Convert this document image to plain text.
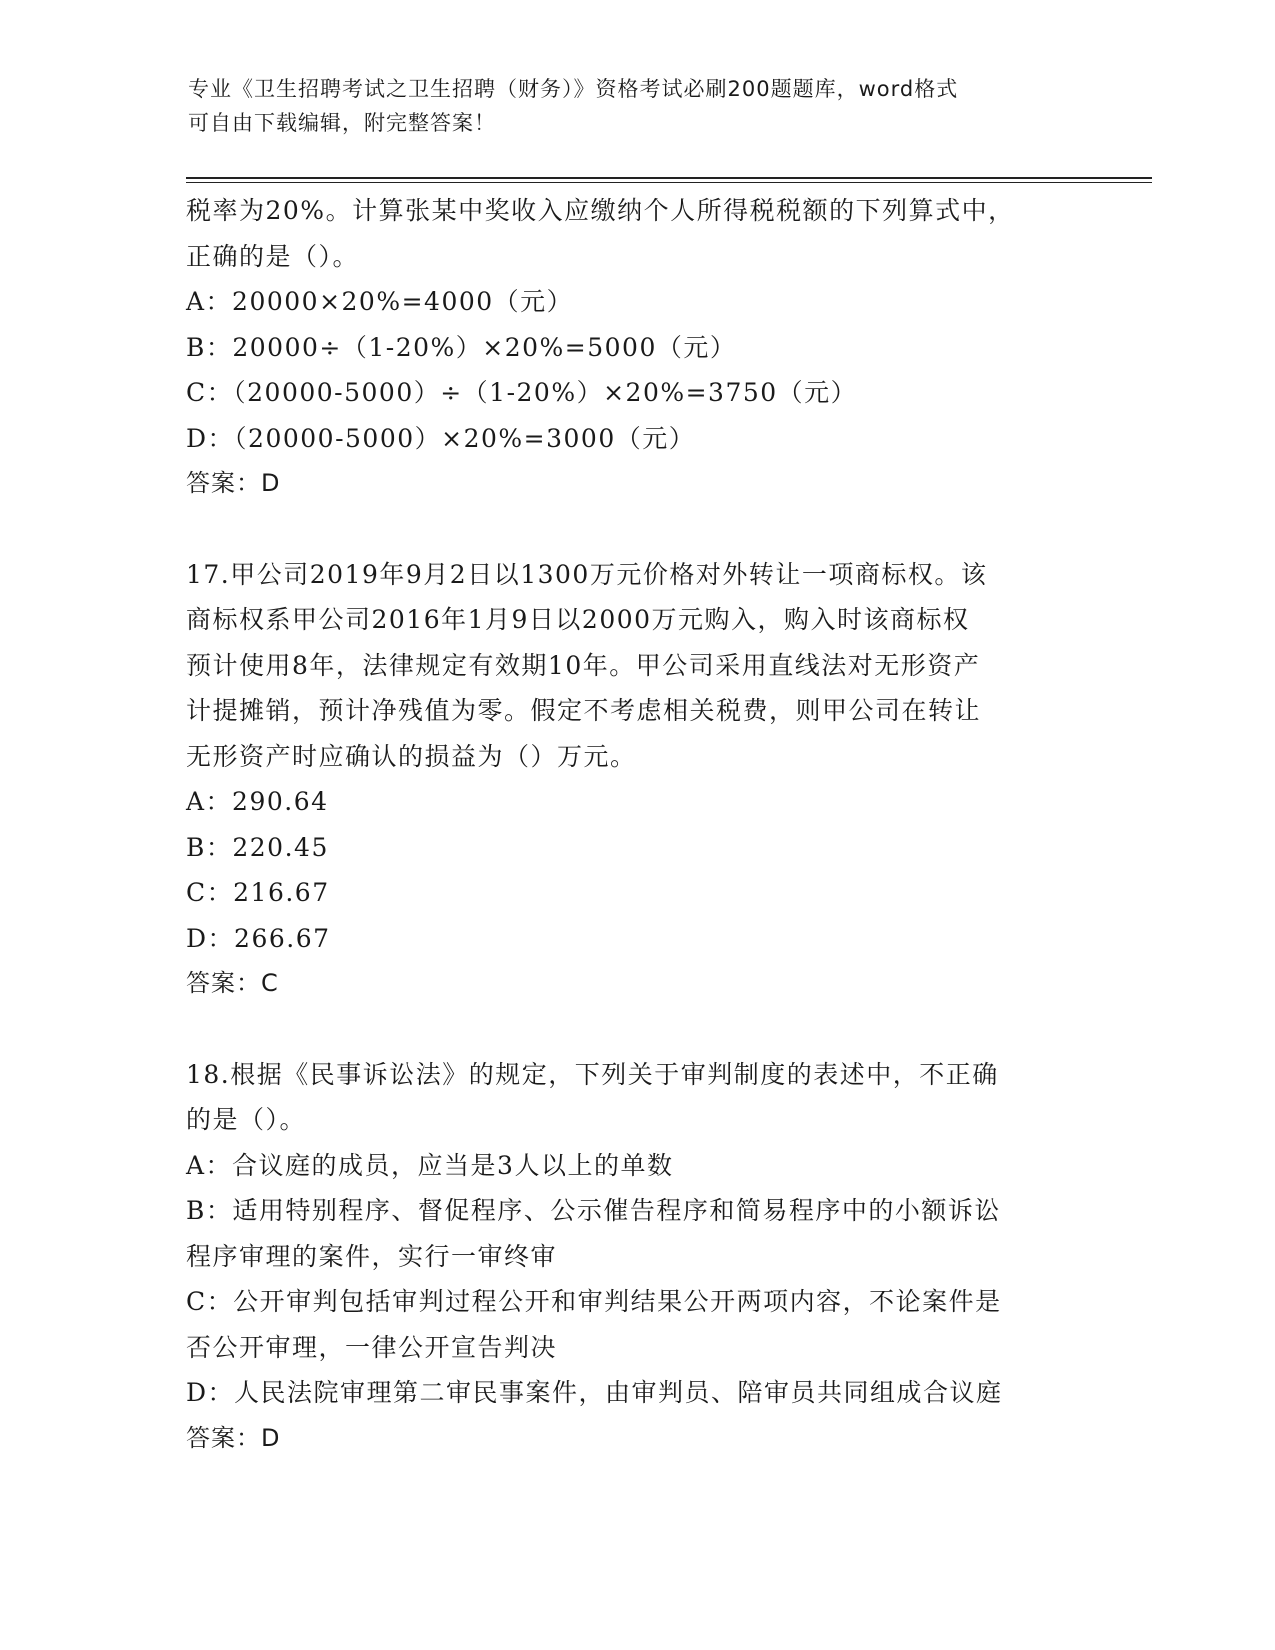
专业《卫生招聘考试之卫生招聘（财务）》资格考试必刷200题题库，word格式
可自由下载编辑，附完整答案！
税率为20%。计算张某中奖收入应缴纳个人所得税税额的下列算式中，
正确的是（）。
A：20000×20%=4000（元）
B：20000÷（1-20%）×20%=5000（元）
C：（20000-5000）÷（1-20%）×20%=3750（元）
D：（20000-5000）×20%=3000（元）
答案：D
17.甲公司2019年9月2日以1300万元价格对外转让一项商标权。该
商标权系甲公司2016年1月9日以2000万元购入，购入时该商标权
预计使用8年，法律规定有效期10年。甲公司采用直线法对无形资产
计提摊销，预计净残值为零。假定不考虑相关税费，则甲公司在转让
无形资产时应确认的损益为（）万元。
A：290.64
B：220.45
C：216.67
D：266.67
答案：C
18.根据《民事诉讼法》的规定，下列关于审判制度的表述中，不正确
的是（）。
A：合议庭的成员，应当是3人以上的单数
B：适用特别程序、督促程序、公示催告程序和简易程序中的小额诉讼
程序审理的案件，实行一审终审
C：公开审判包括审判过程公开和审判结果公开两项内容，不论案件是
否公开审理，一律公开宣告判决
D：人民法院审理第二审民事案件，由审判员、陪审员共同组成合议庭
答案：D
